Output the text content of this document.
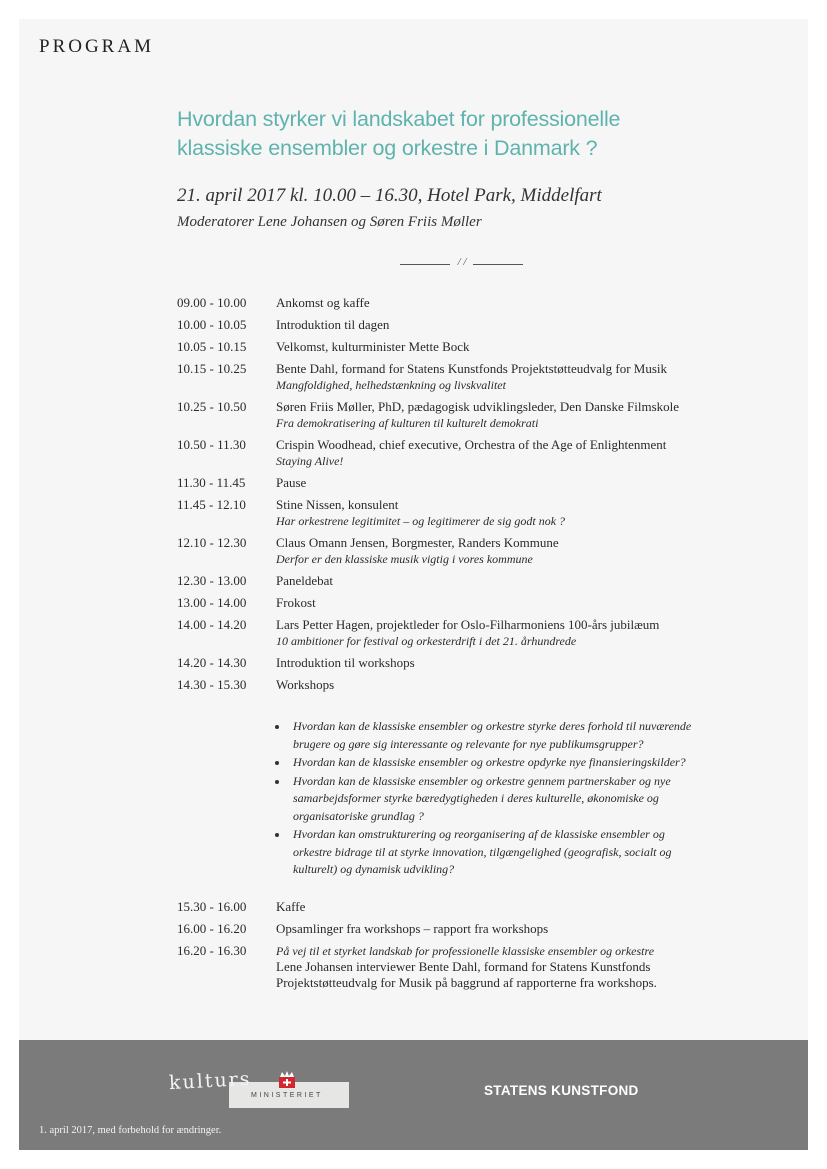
PROGRAM
Hvordan styrker vi landskabet for professionelle
klassiske ensembler og orkestre i Danmark ?
21. april 2017 kl. 10.00 – 16.30, Hotel Park, Middelfart
Moderatorer Lene Johansen og Søren Friis Møller
/ /
09.00 - 10.00	Ankomst og kaffe
10.00 - 10.05	Introduktion til dagen
10.05 - 10.15	Velkomst, kulturminister Mette Bock
10.15 - 10.25	Bente Dahl, formand for Statens Kunstfonds Projektstøtteudvalg for Musik
Mangfoldighed, helhedstænkning og livskvalitet
10.25 - 10.50	Søren Friis Møller, PhD, pædagogisk udviklingsleder, Den Danske Filmskole
Fra demokratisering af kulturen til kulturelt demokrati
10.50 - 11.30	Crispin Woodhead, chief executive, Orchestra of the Age of Enlightenment
Staying Alive!
11.30 - 11.45	Pause
11.45 - 12.10	Stine Nissen, konsulent
Har orkestrene legitimitet – og legitimerer de sig godt nok ?
12.10 - 12.30	Claus Omann Jensen, Borgmester, Randers Kommune
Derfor er den klassiske musik vigtig i vores kommune
12.30 - 13.00	Paneldebat
13.00 - 14.00	Frokost
14.00 - 14.20	Lars Petter Hagen, projektleder for Oslo-Filharmoniens 100-års jubilæum
10 ambitioner for festival og orkesterdrift i det 21. århundrede
14.20 - 14.30	Introduktion til workshops
14.30 - 15.30	Workshops
Hvordan kan de klassiske ensembler og orkestre styrke deres forhold til nuværende
brugere og gøre sig interessante og relevante for nye publikumsgrupper?
Hvordan kan de klassiske ensembler og orkestre opdyrke nye finansieringskilder?
Hvordan kan de klassiske ensembler og orkestre gennem partnerskaber og nye
samarbejdsformer styrke bæredygtigheden i deres kulturelle, økonomiske og
organisatoriske grundlag ?
Hvordan kan omstrukturering og reorganisering af de klassiske ensembler og
orkestre bidrage til at styrke innovation, tilgængelighed (geografisk, socialt og
kulturelt) og dynamisk udvikling?
15.30 - 16.00	Kaffe
16.00 - 16.20	Opsamlinger fra workshops – rapport fra workshops
16.20 - 16.30	På vej til et styrket landskab for professionelle klassiske ensembler og orkestre
Lene Johansen interviewer Bente Dahl, formand for Statens Kunstfonds
Projektstøtteudvalg for Musik på baggrund af rapporterne fra workshops.
MINISTERIET
kulturs	STATENS KUNSTFOND
1. april 2017, med forbehold for ændringer.
